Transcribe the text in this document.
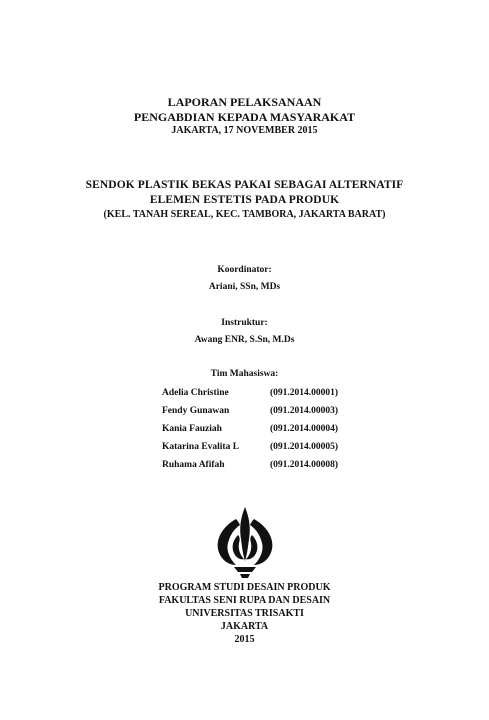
LAPORAN PELAKSANAAN
PENGABDIAN KEPADA MASYARAKAT
JAKARTA, 17 NOVEMBER 2015
SENDOK PLASTIK BEKAS PAKAI SEBAGAI ALTERNATIF
ELEMEN ESTETIS PADA PRODUK
(KEL. TANAH SEREAL, KEC. TAMBORA, JAKARTA BARAT)
Koordinator:
Ariani, SSn, MDs
Instruktur:
Awang ENR, S.Sn, M.Ds
Tim Mahasiswa:
Adelia Christine	(091.2014.00001)
Fendy Gunawan	(091.2014.00003)
Kania Fauziah	(091.2014.00004)
Katarina Evalita L	(091.2014.00005)
Ruhama Afifah	(091.2014.00008)
PROGRAM STUDI DESAIN PRODUK
FAKULTAS SENI RUPA DAN DESAIN
UNIVERSITAS TRISAKTI
JAKARTA
2015
